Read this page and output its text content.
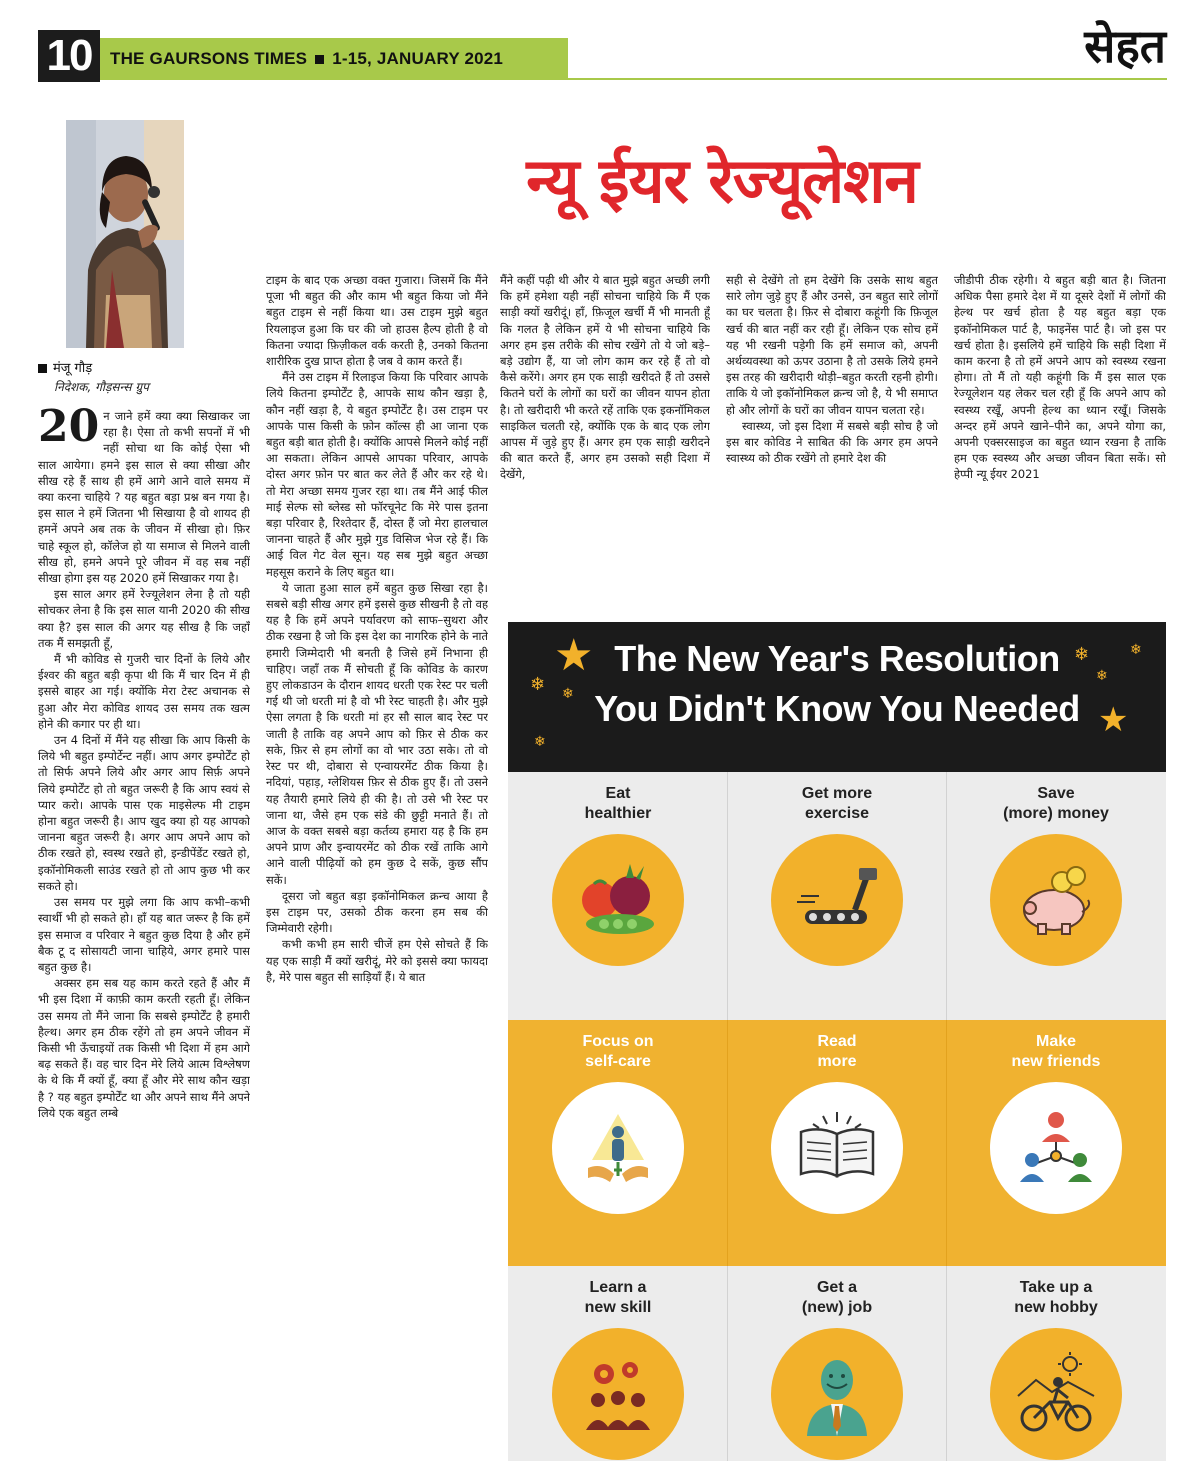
10	THE GAURSONS TIMES 1-15, JANUARY 2021	सेहत
न्यू ईयर रेज्यूलेशन
मंजू गौड़
निदेशक, गौड़सन्स ग्रुप

20 न जाने हमें क्या क्या सिखाकर जा रहा है। ऐसा तो कभी सपनों में भी नहीं सोचा था कि कोई ऐसा भी साल आयेगा। हमने इस साल से क्या सीखा और सीख रहे हैं साथ ही हमें आगे आने वाले समय में क्या करना चाहिये ? यह बहुत बड़ा प्रश्न बन गया है। इस साल ने हमें जितना भी सिखाया है वो शायद ही हमनें अपने अब तक के जीवन में सीखा हो। फ़िर चाहे स्कूल हो, कॉलेज हो या समाज से मिलने वाली सीख हो, हमने अपने पूरे जीवन में वह सब नहीं सीखा होगा इस यह 2020 हमें सिखाकर गया है।

इस साल अगर हमें रेज्यूलेशन लेना है तो यही सोचकर लेना है कि इस साल यानी 2020 की सीख क्या है? इस साल की अगर यह सीख है कि जहाँ तक मैं समझती हूँ,

मैं भी कोविड से गुजरी चार दिनों के लिये और ईश्वर की बहुत बड़ी कृपा थी कि मैं चार दिन में ही इससे बाहर आ गई। क्योंकि मेरा टेस्ट अचानक से हुआ और मेरा कोविड शायद उस समय तक खत्म होने की कगार पर ही था।

उन 4 दिनों में मैंने यह सीखा कि आप किसी के लिये भी बहुत इम्पोर्टेन्ट नहीं। आप अगर इम्पोर्टेंट हो तो सिर्फ अपने लिये और अगर आप सिर्फ़ अपने लिये इम्पोर्टेंट हो तो बहुत जरूरी है कि आप स्वयं से प्यार करो। आपके पास एक माइसेल्फ मी टाइम होना बहुत जरूरी है। आप खुद क्या हो यह आपको जानना बहुत जरूरी है। अगर आप अपने आप को ठीक रखते हो, स्वस्थ रखते हो, इन्डीपेंडेंट रखते हो, इकॉनोमिकली साउंड रखते हो तो आप कुछ भी कर सकते हो।

उस समय पर मुझे लगा कि आप कभी–कभी स्वार्थी भी हो सकते हो। हाँ यह बात जरूर है कि हमें इस समाज व परिवार ने बहुत कुछ दिया है और हमें बैक टू द सोसायटी जाना चाहिये, अगर हमारे पास बहुत कुछ है।

अक्सर हम सब यह काम करते रहते हैं और मैं भी इस दिशा में काफ़ी काम करती रहती हूँ। लेकिन उस समय तो मैंने जाना कि सबसे इम्पोर्टेंट है हमारी हैल्थ। अगर हम ठीक रहेंगे तो हम अपने जीवन में किसी भी ऊँचाइयों तक किसी भी दिशा में हम आगे बढ़ सकते हैं। वह चार दिन मेरे लिये आत्म विश्लेषण के थे कि मैं क्यों हूँ, क्या हूँ और मेरे साथ कौन खड़ा है ? यह बहुत इम्पोर्टेंट था और अपने साथ मैंने अपने लिये एक बहुत लम्बे

टाइम के बाद एक अच्छा वक्त गुजारा। जिसमें कि मैंने पूजा भी बहुत की और काम भी बहुत किया जो मैंने बहुत टाइम से नहीं किया था। उस टाइम मुझे बहुत रियलाइज हुआ कि घर की जो हाउस हैल्प होती है वो कितना ज्यादा फ़िज़ीकल वर्क करती है, उनको कितना शारीरिक दुख प्राप्त होता है जब वे काम करते हैं।

मैंने उस टाइम में रिलाइज किया कि परिवार आपके लिये कितना इम्पोर्टेंट है, आपके साथ कौन खड़ा है, कौन नहीं खड़ा है, ये बहुत इम्पोर्टेंट है। उस टाइम पर आपके पास किसी के फ़ोन कॉल्स ही आ जाना एक बहुत बड़ी बात होती है। क्योंकि आपसे मिलने कोई नहीं आ सकता। लेकिन आपसे आपका परिवार, आपके दोस्त अगर फ़ोन पर बात कर लेते हैं और कर रहे थे। तो मेरा अच्छा समय गुजर रहा था। तब मैंने आई फील माई सेल्फ सो ब्लेस्ड सो फॉरचूनेट कि मेरे पास इतना बड़ा परिवार है, रिश्तेदार हैं, दोस्त हैं जो मेरा हालचाल जानना चाहते हैं और मुझे गुड विसिज भेज रहे हैं। कि आई विल गेट वेल सून। यह सब मुझे बहुत अच्छा महसूस कराने के लिए बहुत था।

ये जाता हुआ साल हमें बहुत कुछ सिखा रहा है। सबसे बड़ी सीख अगर हमें इससे कुछ सीखनी है तो वह यह है कि हमें अपने पर्यावरण को साफ–सुथरा और ठीक रखना है जो कि इस देश का नागरिक होने के नाते हमारी जिम्मेदारी भी बनती है जिसे हमें निभाना ही चाहिए। जहाँ तक मैं सोचती हूँ कि कोविड के कारण हुए लोकडाउन के दौरान शायद धरती एक रेस्ट पर चली गई थी जो धरती मां है वो भी रेस्ट चाहती है। और मुझे ऐसा लगता है कि धरती मां हर सौ साल बाद रेस्ट पर जाती है ताकि वह अपने आप को फ़िर से ठीक कर सके, फ़िर से हम लोगों का वो भार उठा सके। तो वो रेस्ट पर थी, दोबारा से एन्वायरमेंट ठीक किया है। नदियां, पहाड़, ग्लेशियस फ़िर से ठीक हुए हैं। तो उसने यह तैयारी हमारे लिये ही की है। तो उसे भी रेस्ट पर जाना था, जैसे हम एक संडे की छुट्टी मनाते हैं। तो आज के वक्त सबसे बड़ा कर्तव्य हमारा यह है कि हम अपने प्राण और इन्वायरमेंट को ठीक रखें ताकि आगे आने वाली पीढ़ियों को हम कुछ दे सकें, कुछ सौंप सकें।

दूसरा जो बहुत बड़ा इकॉनोमिकल क्रन्च आया है इस टाइम पर, उसको ठीक करना हम सब की जिम्मेवारी रहेगी।

कभी कभी हम सारी चीजें हम ऐसे सोचते हैं कि यह एक साड़ी मैं क्यों खरीदूं, मेरे को इससे क्या फायदा है, मेरे पास बहुत सी साड़ियाँ हैं। ये बात

मैंने कहीं पढ़ी थी और ये बात मुझे बहुत अच्छी लगी कि हमें हमेशा यही नहीं सोचना चाहिये कि मैं एक साड़ी क्यों खरीदूं। हाँ, फ़िजूल खर्ची मैं भी मानती हूँ कि गलत है लेकिन हमें ये भी सोचना चाहिये कि अगर हम इस तरीके की सोच रखेंगे तो ये जो बड़े–बड़े उद्योग हैं, या जो लोग काम कर रहे हैं तो वो कैसे करेंगे। अगर हम एक साड़ी खरीदते हैं तो उससे कितने घरों के लोगों का घरों का जीवन यापन होता है। तो खरीदारी भी करते रहें ताकि एक इकनॉमिकल साइकिल चलती रहे, क्योंकि एक के बाद एक लोग आपस में जुड़े हुए हैं। अगर हम एक साड़ी खरीदने की बात करते हैं, अगर हम उसको सही दिशा में देखेंगे,

सही से देखेंगे तो हम देखेंगे कि उसके साथ बहुत सारे लोग जुड़े हुए हैं और उनसे, उन बहुत सारे लोगों का घर चलता है। फ़िर से दोबारा कहूंगी कि फ़िजूल खर्च की बात नहीं कर रही हूँ। लेकिन एक सोच हमें यह भी रखनी पड़ेगी कि हमें समाज को, अपनी अर्थव्यवस्था को ऊपर उठाना है तो उसके लिये हमने इस तरह की खरीदारी थोड़ी–बहुत करती रहनी होगी। ताकि ये जो इकॉनोमिकल क्रन्च जो है, ये भी समाप्त हो और लोगों के घरों का जीवन यापन चलता रहे।

स्वास्थ्य, जो इस दिशा में सबसे बड़ी सोच है जो इस बार कोविड ने साबित की कि अगर हम अपने स्वास्थ्य को ठीक रखेंगे तो हमारे देश की

जीडीपी ठीक रहेगी। ये बहुत बड़ी बात है। जितना अधिक पैसा हमारे देश में या दूसरे देशों में लोगों की हेल्थ पर खर्च होता है यह बहुत बड़ा एक इकॉनोमिकल पार्ट है, फाइनेंस पार्ट है। जो इस पर खर्च होता है। इसलिये हमें चाहिये कि सही दिशा में काम करना है तो हमें अपने आप को स्वस्थ्य रखना होगा। तो मैं तो यही कहूंगी कि मैं इस साल एक रेज्यूलेशन यह लेकर चल रही हूँ कि अपने आप को स्वस्थ्य रखूँ, अपनी हेल्थ का ध्यान रखूँ। जिसके अन्दर हमें अपने खाने–पीने का, अपने योगा का, अपनी एक्सरसाइज का बहुत ध्यान रखना है ताकि हम एक स्वस्थ्य और अच्छा जीवन बिता सकें। सो हेप्पी न्यू ईयर 2021

★
★
❄
❄
❄
❄
❄
❄
The New Year's Resolution
You Didn't Know You Needed
Eat
healthier
Get more
exercise
Save
(more) money
Focus on
self-care
Read
more
Make
new friends
Learn a
new skill
Get a
(new) job
Take up a
new hobby
